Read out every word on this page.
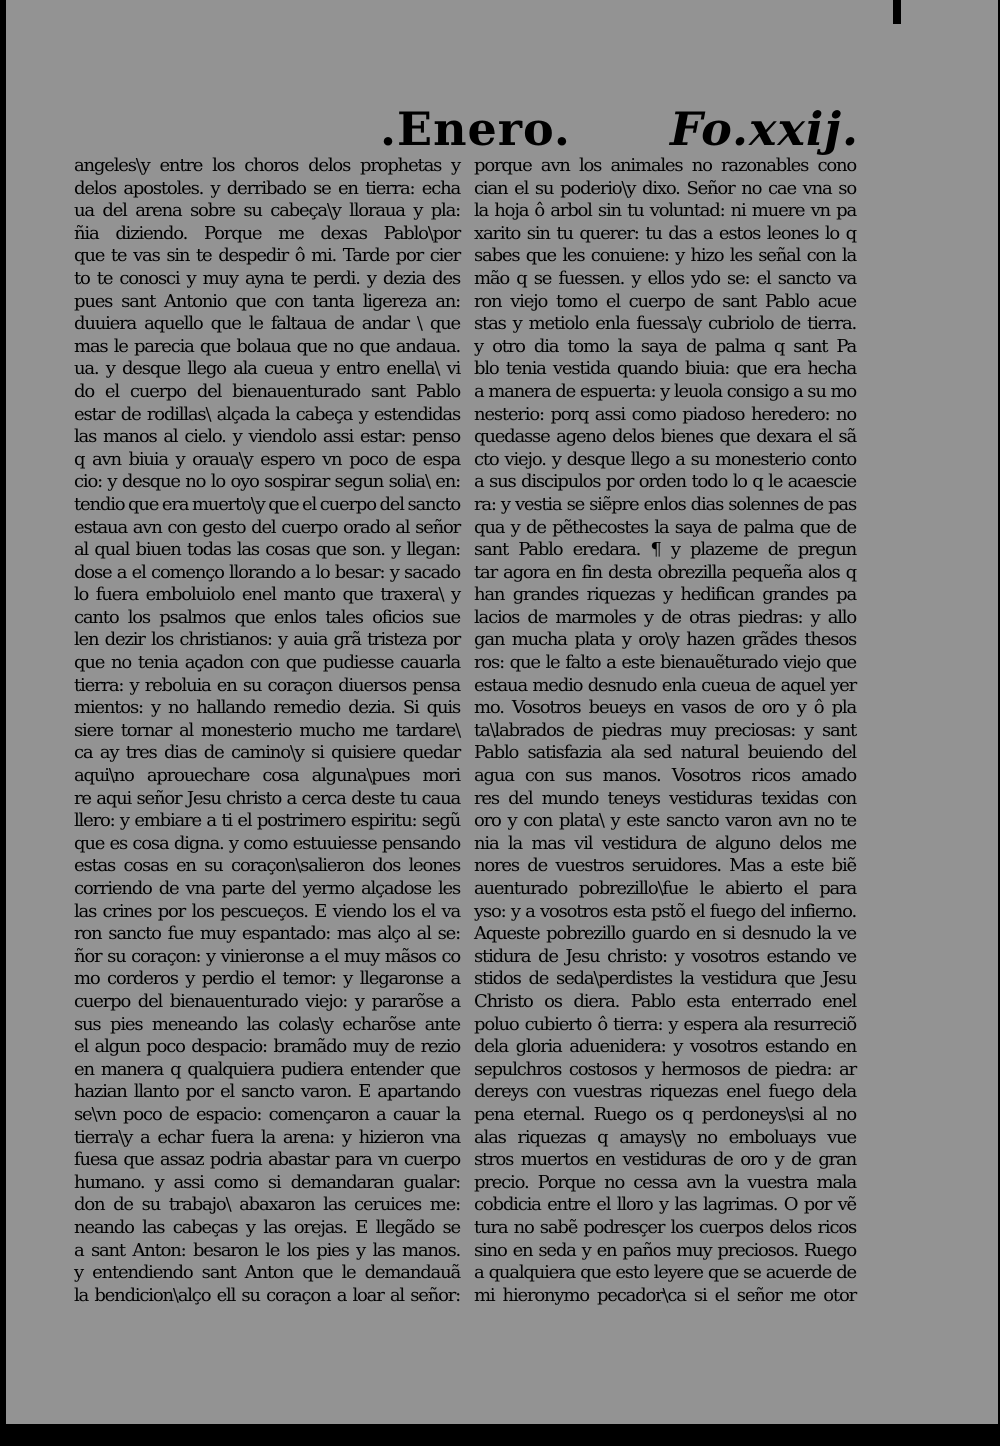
.Enero. Fo.xxij.
angeles\y entre los choros delos prophetas y
delos apostoles. y derribado se en tierra: echa
ua del arena sobre su cabeça\y lloraua y pla:
ñia diziendo. Porque me dexas Pablo\por
que te vas sin te despedir ô mi. Tarde por cier
to te conosci y muy ayna te perdi. y dezia des
pues sant Antonio que con tanta ligereza an:
duuiera aquello que le faltaua de andar \ que
mas le parecia que bolaua que no que andaua.
ua. y desque llego ala cueua y entro enella\ vi
do el cuerpo del bienauenturado sant Pablo
estar de rodillas\ alçada la cabeça y estendidas
las manos al cielo. y viendolo assi estar: penso
q avn biuia y oraua\y espero vn poco de espa
cio: y desque no lo oyo sospirar segun solia\ en:
tendio que era muerto\y que el cuerpo del sancto
estaua avn con gesto del cuerpo orado al señor
al qual biuen todas las cosas que son. y llegan:
dose a el començo llorando a lo besar: y sacado
lo fuera emboluiolo enel manto que traxera\ y
canto los psalmos que enlos tales oficios sue
len dezir los christianos: y auia grã tristeza por
que no tenia açadon con que pudiesse cauarla
tierra: y reboluia en su coraçon diuersos pensa
mientos: y no hallando remedio dezia. Si quis
siere tornar al monesterio mucho me tardare\
ca ay tres dias de camino\y si quisiere quedar
aqui\no aprouechare cosa alguna\pues mori
re aqui señor Jesu christo a cerca deste tu caua
llero: y embiare a ti el postrimero espiritu: segũ
que es cosa digna. y como estuuiesse pensando
estas cosas en su coraçon\salieron dos leones
corriendo de vna parte del yermo alçadose les
las crines por los pescueços. E viendo los el va
ron sancto fue muy espantado: mas alço al se:
ñor su coraçon: y vinieronse a el muy mãsos co
mo corderos y perdio el temor: y llegaronse a
cuerpo del bienauenturado viejo: y pararõse a
sus pies meneando las colas\y echarõse ante
el algun poco despacio: bramãdo muy de rezio
en manera q qualquiera pudiera entender que
hazian llanto por el sancto varon. E apartando
se\vn poco de espacio: començaron a cauar la
tierra\y a echar fuera la arena: y hizieron vna
fuesa que assaz podria abastar para vn cuerpo
humano. y assi como si demandaran gualar:
don de su trabajo\ abaxaron las ceruices me:
neando las cabeças y las orejas. E llegãdo se
a sant Anton: besaron le los pies y las manos.
y entendiendo sant Anton que le demandauã
la bendicion\alço ell su coraçon a loar al señor:
porque avn los animales no razonables cono
cian el su poderio\y dixo. Señor no cae vna so
la hoja ô arbol sin tu voluntad: ni muere vn pa
xarito sin tu querer: tu das a estos leones lo q
sabes que les conuiene: y hizo les señal con la
mão q se fuessen. y ellos ydo se: el sancto va
ron viejo tomo el cuerpo de sant Pablo acue
stas y metiolo enla fuessa\y cubriolo de tierra.
y otro dia tomo la saya de palma q sant Pa
blo tenia vestida quando biuia: que era hecha
a manera de espuerta: y leuola consigo a su mo
nesterio: porq assi como piadoso heredero: no
quedasse ageno delos bienes que dexara el sã
cto viejo. y desque llego a su monesterio conto
a sus discipulos por orden todo lo q le acaescie
ra: y vestia se siẽpre enlos dias solennes de pas
qua y de pẽthecostes la saya de palma que de
sant Pablo eredara. ¶ y plazeme de pregun
tar agora en fin desta obrezilla pequeña alos q
han grandes riquezas y hedifican grandes pa
lacios de marmoles y de otras piedras: y allo
gan mucha plata y oro\y hazen grãdes thesos
ros: que le falto a este bienauẽturado viejo que
estaua medio desnudo enla cueua de aquel yer
mo. Vosotros beueys en vasos de oro y ô pla
ta\labrados de piedras muy preciosas: y sant
Pablo satisfazia ala sed natural beuiendo del
agua con sus manos. Vosotros ricos amado
res del mundo teneys vestiduras texidas con
oro y con plata\ y este sancto varon avn no te
nia la mas vil vestidura de alguno delos me
nores de vuestros seruidores. Mas a este biẽ
auenturado pobrezillo\fue le abierto el para
yso: y a vosotros esta pstõ el fuego del infierno.
Aqueste pobrezillo guardo en si desnudo la ve
stidura de Jesu christo: y vosotros estando ve
stidos de seda\perdistes la vestidura que Jesu
Christo os diera. Pablo esta enterrado enel
poluo cubierto ô tierra: y espera ala resurreciõ
dela gloria aduenidera: y vosotros estando en
sepulchros costosos y hermosos de piedra: ar
dereys con vuestras riquezas enel fuego dela
pena eternal. Ruego os q perdoneys\si al no
alas riquezas q amays\y no emboluays vue
stros muertos en vestiduras de oro y de gran
precio. Porque no cessa avn la vuestra mala
cobdicia entre el lloro y las lagrimas. O por vẽ
tura no sabẽ podresçer los cuerpos delos ricos
sino en seda y en paños muy preciosos. Ruego
a qualquiera que esto leyere que se acuerde de
mi hieronymo pecador\ca si el señor me otor
